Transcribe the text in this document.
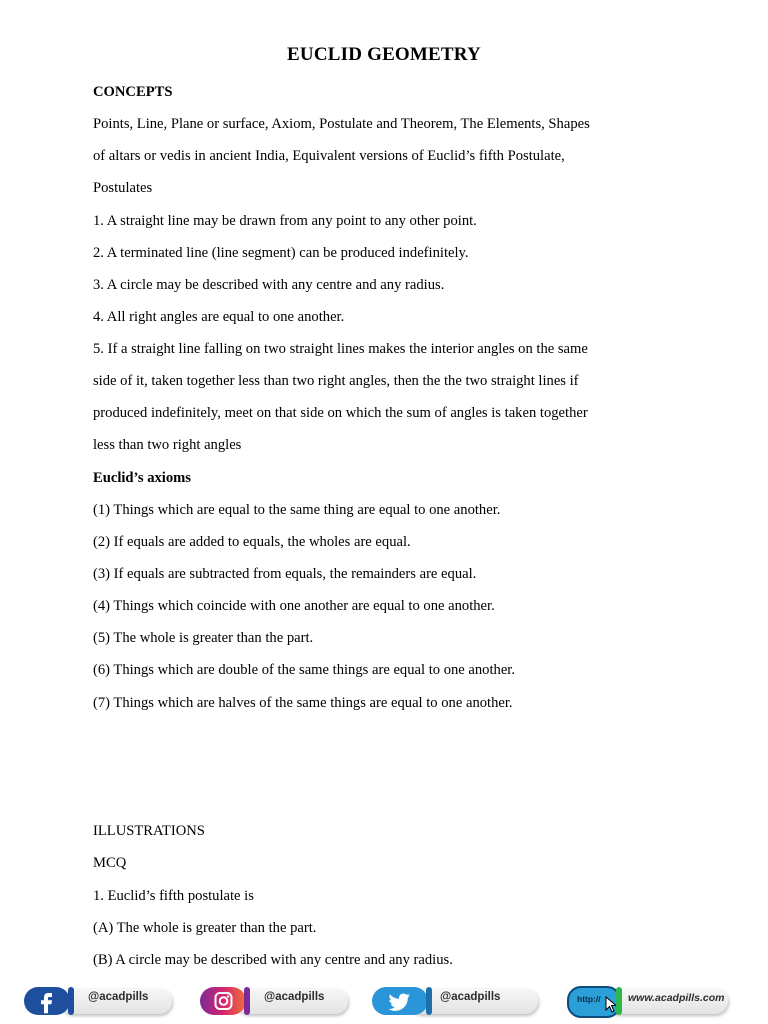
EUCLID GEOMETRY
CONCEPTS
Points, Line, Plane or surface, Axiom, Postulate and Theorem, The Elements, Shapes
of altars or vedis in ancient India, Equivalent versions of Euclid’s fifth Postulate,
Postulates
1. A straight line may be drawn from any point to any other point.
2. A terminated line (line segment) can be produced indefinitely.
3. A circle may be described with any centre and any radius.
4. All right angles are equal to one another.
5. If a straight line falling on two straight lines makes the interior angles on the same
side of it, taken together less than two right angles, then the the two straight lines if
produced indefinitely, meet on that side on which the sum of angles is taken together
less than two right angles
Euclid’s axioms
(1) Things which are equal to the same thing are equal to one another.
(2) If equals are added to equals, the wholes are equal.
(3) If equals are subtracted from equals, the remainders are equal.
(4) Things which coincide with one another are equal to one another.
(5) The whole is greater than the part.
(6) Things which are double of the same things are equal to one another.
(7) Things which are halves of the same things are equal to one another.
ILLUSTRATIONS
MCQ
1. Euclid’s fifth postulate is
(A) The whole is greater than the part.
(B) A circle may be described with any centre and any radius.
@acadpills	@acadpills	@acadpills	http://	www.acadpills.com
